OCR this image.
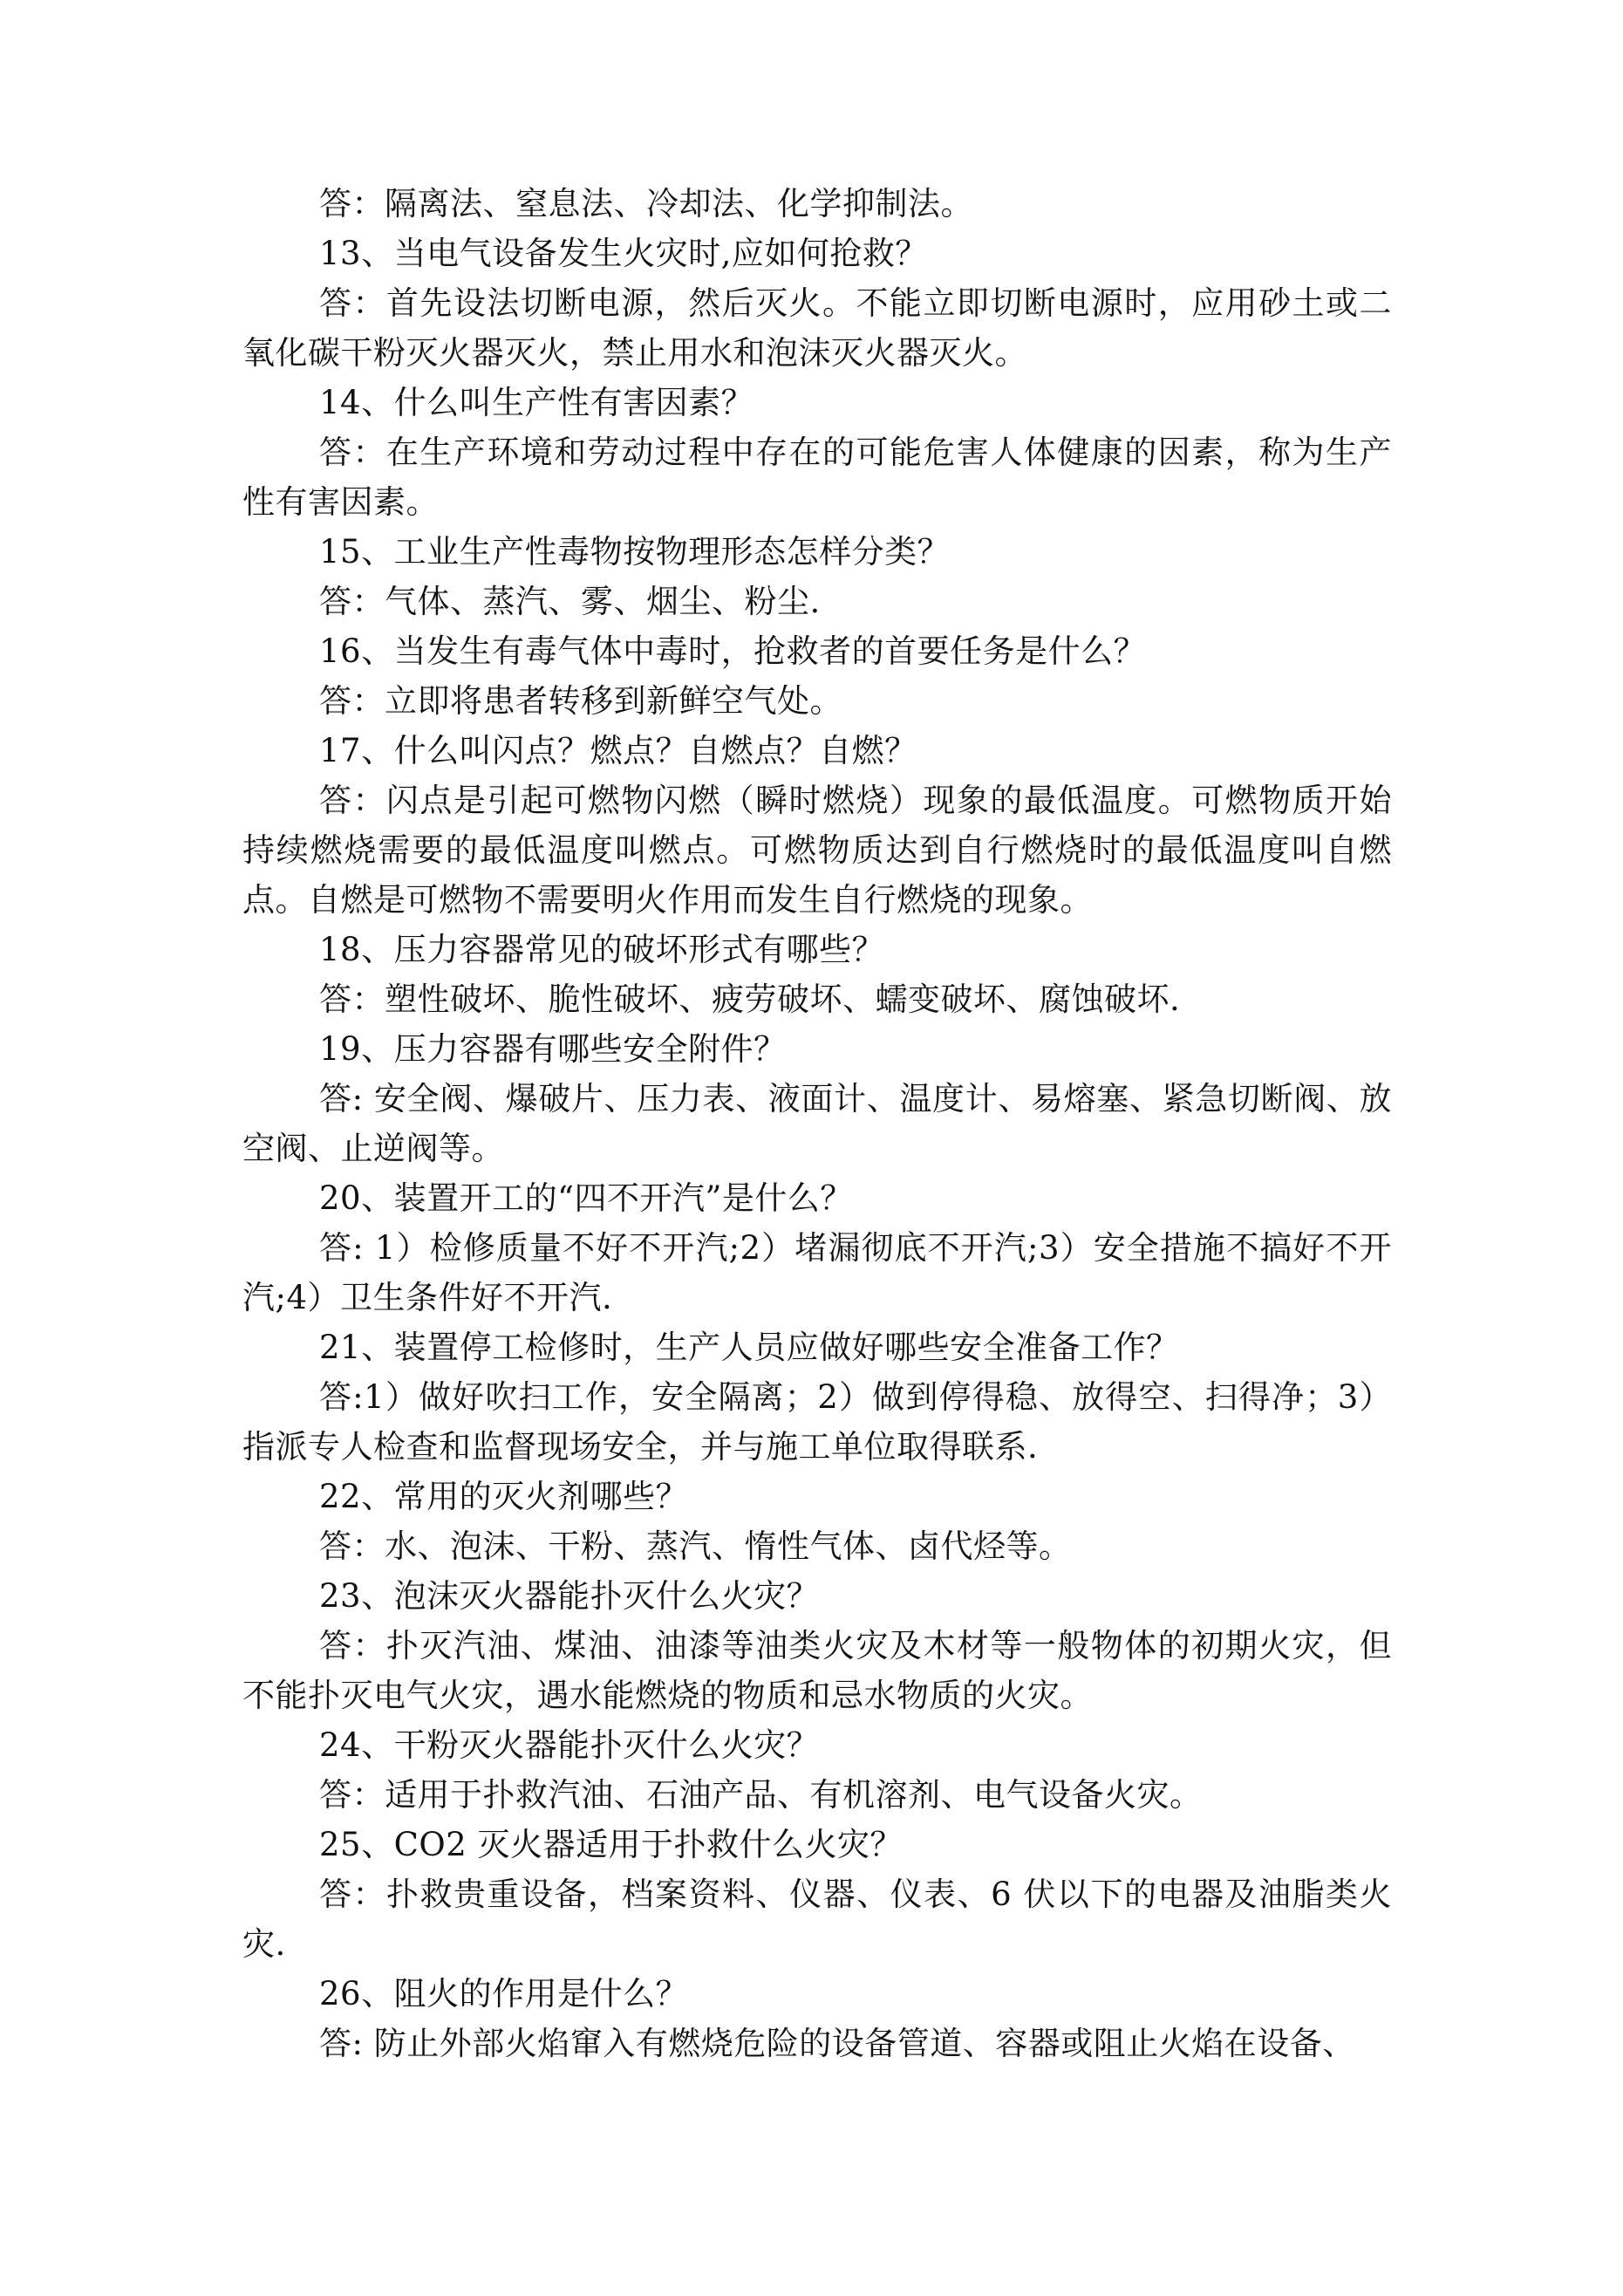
答：隔离法、窒息法、冷却法、化学抑制法。

13、当电气设备发生火灾时,应如何抢救？

答：首先设法切断电源，然后灭火。不能立即切断电源时，应用砂土或二氧化碳干粉灭火器灭火，禁止用水和泡沫灭火器灭火。

14、什么叫生产性有害因素？

答：在生产环境和劳动过程中存在的可能危害人体健康的因素，称为生产性有害因素。

15、工业生产性毒物按物理形态怎样分类？

答：气体、蒸汽、雾、烟尘、粉尘.

16、当发生有毒气体中毒时，抢救者的首要任务是什么？

答：立即将患者转移到新鲜空气处。

17、什么叫闪点？燃点？自燃点？自燃？

答：闪点是引起可燃物闪燃（瞬时燃烧）现象的最低温度。可燃物质开始持续燃烧需要的最低温度叫燃点。可燃物质达到自行燃烧时的最低温度叫自燃点。自燃是可燃物不需要明火作用而发生自行燃烧的现象。

18、压力容器常见的破坏形式有哪些？

答：塑性破坏、脆性破坏、疲劳破坏、蠕变破坏、腐蚀破坏.

19、压力容器有哪些安全附件？

答: 安全阀、爆破片、压力表、液面计、温度计、易熔塞、紧急切断阀、放空阀、止逆阀等。

20、装置开工的“四不开汽”是什么？

答: 1）检修质量不好不开汽;2）堵漏彻底不开汽;3）安全措施不搞好不开汽;4）卫生条件好不开汽.

21、装置停工检修时，生产人员应做好哪些安全准备工作？

答:1）做好吹扫工作，安全隔离；2）做到停得稳、放得空、扫得净；3）指派专人检查和监督现场安全，并与施工单位取得联系.

22、常用的灭火剂哪些？

答：水、泡沫、干粉、蒸汽、惰性气体、卤代烃等。

23、泡沫灭火器能扑灭什么火灾？

答：扑灭汽油、煤油、油漆等油类火灾及木材等一般物体的初期火灾，但不能扑灭电气火灾，遇水能燃烧的物质和忌水物质的火灾。

24、干粉灭火器能扑灭什么火灾？

答：适用于扑救汽油、石油产品、有机溶剂、电气设备火灾。

25、CO2 灭火器适用于扑救什么火灾？

答：扑救贵重设备，档案资料、仪器、仪表、6 伏以下的电器及油脂类火灾.

26、阻火的作用是什么？

答: 防止外部火焰窜入有燃烧危险的设备管道、容器或阻止火焰在设备、
